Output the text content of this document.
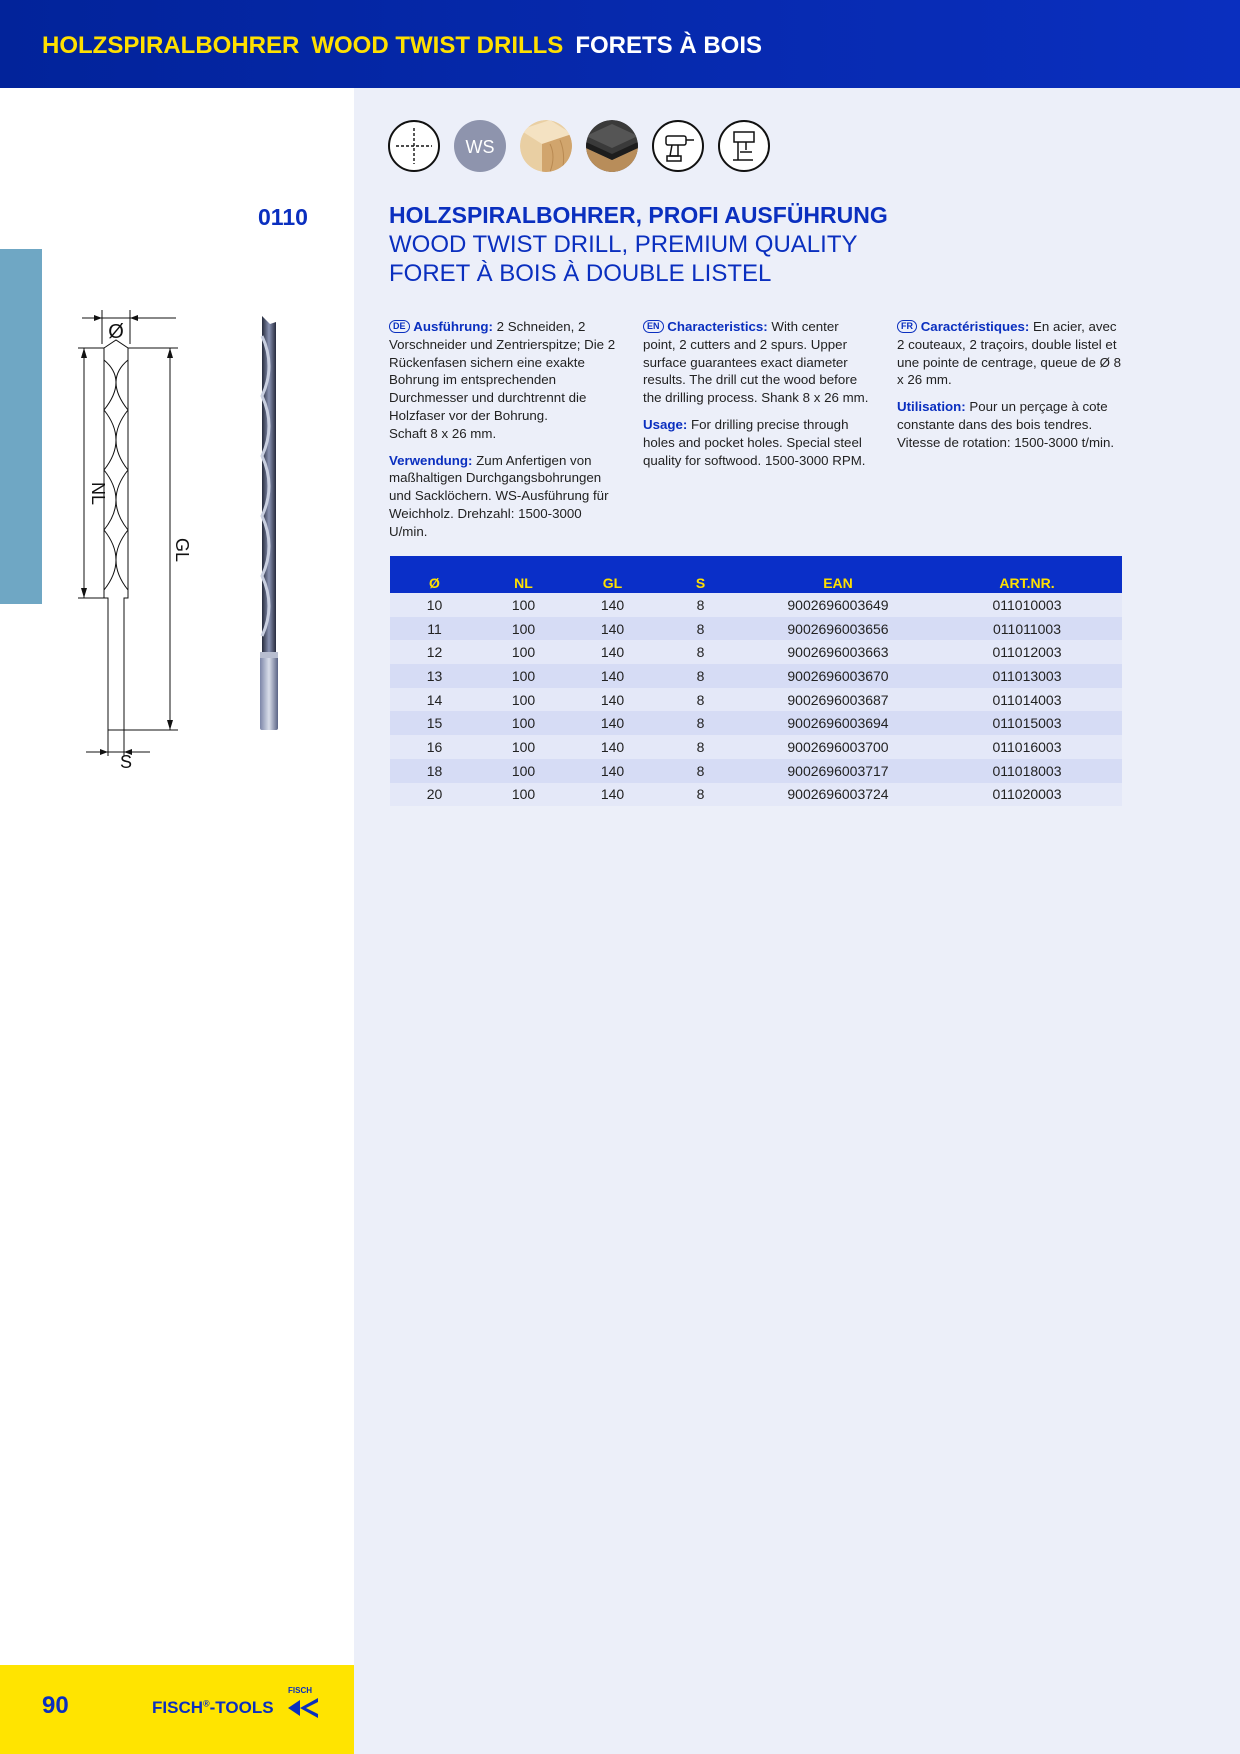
HOLZSPIRALBOHRER WOOD TWIST DRILLS FORETS À BOIS
WS
0110	HOLZSPIRALBOHRER, PROFI AUSFÜHRUNG
WOOD TWIST DRILL, PREMIUM QUALITY
FORET À BOIS À DOUBLE LISTEL
Ø
NL
GL
S

DE Ausführung: 2 Schneiden, 2 Vorschneider und Zentrierspitze; Die 2 Rückenfasen sichern eine exakte Bohrung im entsprechenden Durchmesser und durchtrennt die Holzfaser vor der Bohrung.
Schaft 8 x 26 mm.

Verwendung: Zum Anfertigen von maßhaltigen Durchgangsbohrungen und Sacklöchern. WS-Ausführung für Weichholz. Drehzahl: 1500-3000 U/min.

EN Characteristics: With center point, 2 cutters and 2 spurs. Upper surface guarantees exact diameter results. The drill cut the wood before the drilling process. Shank 8 x 26 mm.

Usage: For drilling precise through holes and pocket holes. Special steel quality for softwood. 1500-3000 RPM.

FR Caractéristiques: En acier, avec 2 couteaux, 2 traçoirs, double listel et une pointe de centrage, queue de Ø 8 x 26 mm.

Utilisation: Pour un perçage à cote constante dans des bois tendres. Vitesse de rotation: 1500-3000 t/min.

Ø	NL	GL	S	EAN	ART.NR.
10	100	140	8	9002696003649	011010003
11	100	140	8	9002696003656	011011003
12	100	140	8	9002696003663	011012003
13	100	140	8	9002696003670	011013003
14	100	140	8	9002696003687	011014003
15	100	140	8	9002696003694	011015003
16	100	140	8	9002696003700	011016003
18	100	140	8	9002696003717	011018003
20	100	140	8	9002696003724	011020003
90	FISCH®-TOOLS
FISCH
